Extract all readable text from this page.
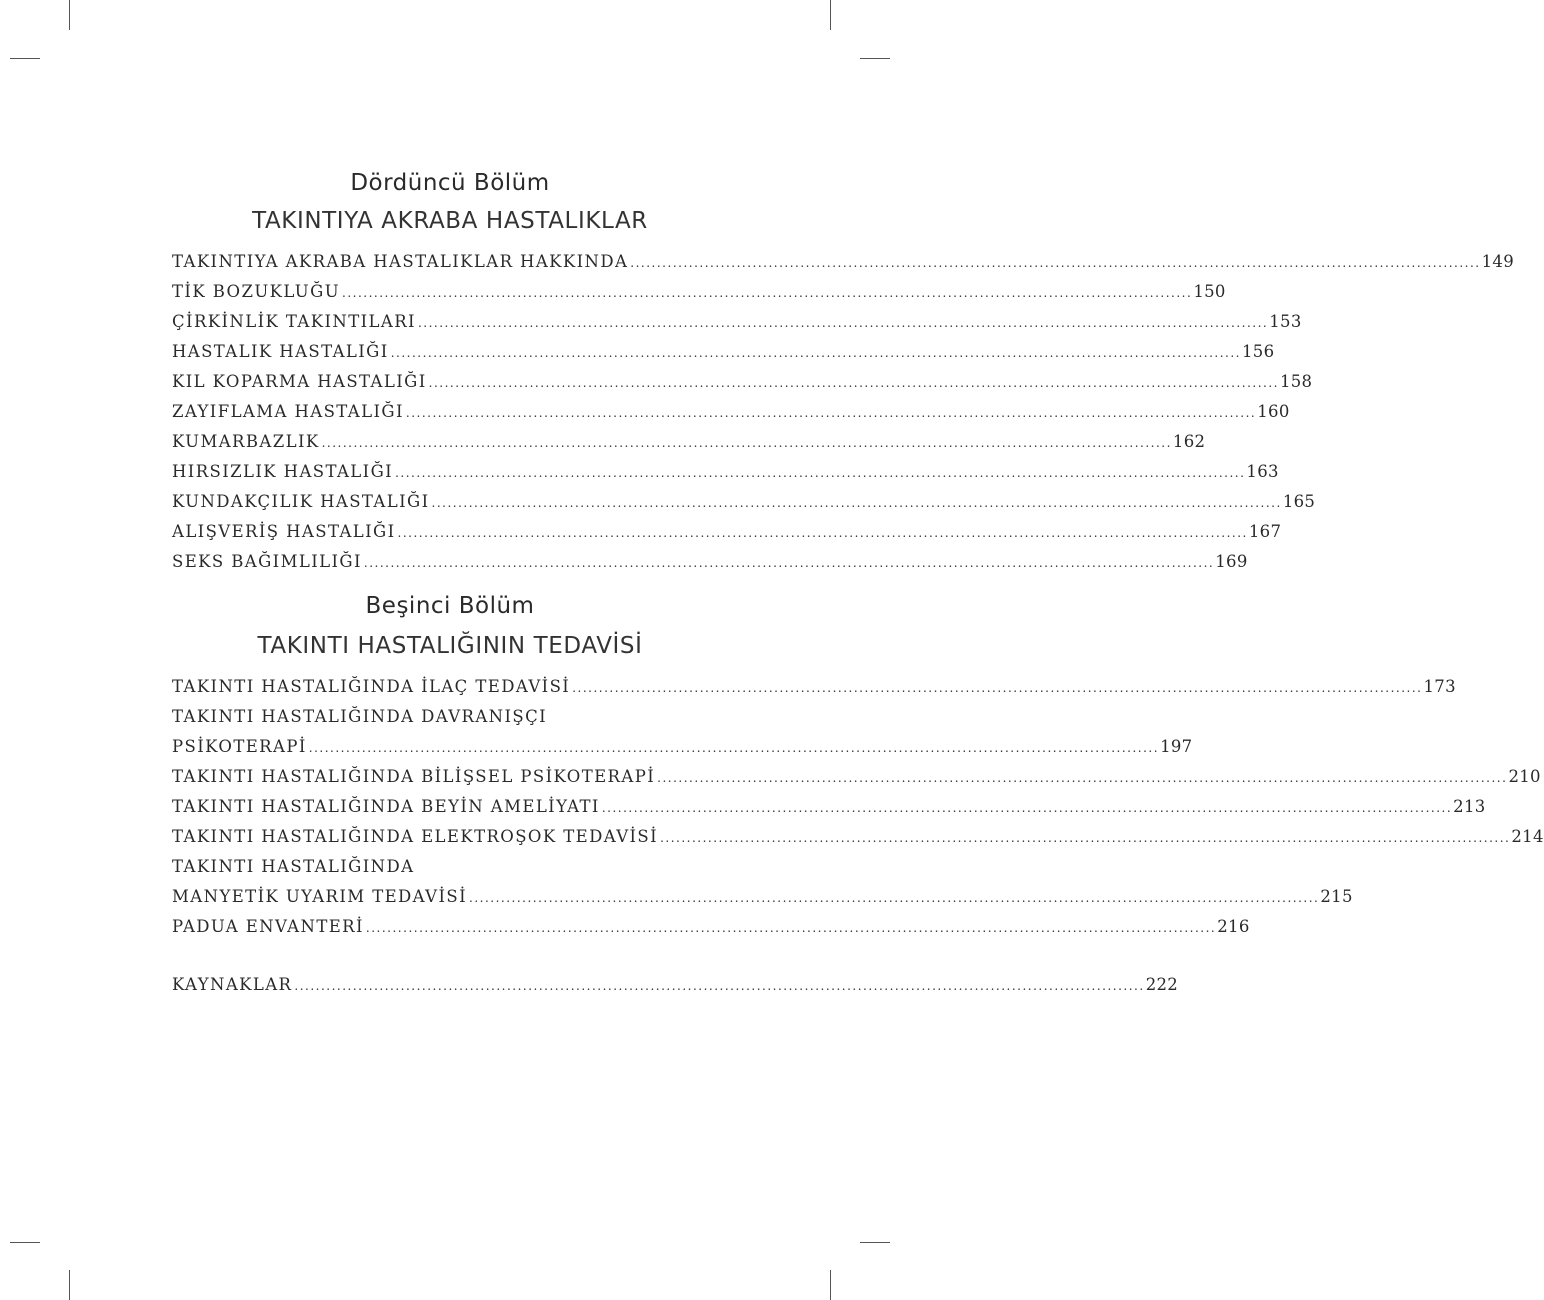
Dördüncü Bölüm
TAKINTIYA AKRABA HASTALIKLAR
TAKINTIYA AKRABA HASTALIKLAR HAKKINDA ................................................................................................................................................................ 149
TİK BOZUKLUĞU ................................................................................................................................................................ 150
ÇİRKİNLİK TAKINTILARI ................................................................................................................................................................ 153
HASTALIK HASTALIĞI ................................................................................................................................................................ 156
KIL KOPARMA HASTALIĞI ................................................................................................................................................................ 158
ZAYIFLAMA HASTALIĞI ................................................................................................................................................................ 160
KUMARBAZLIK ................................................................................................................................................................ 162
HIRSIZLIK HASTALIĞI ................................................................................................................................................................ 163
KUNDAKÇILIK HASTALIĞI ................................................................................................................................................................ 165
ALIŞVERİŞ HASTALIĞI ................................................................................................................................................................ 167
SEKS BAĞIMLILIĞI ................................................................................................................................................................ 169
Beşinci Bölüm
TAKINTI HASTALIĞININ TEDAVİSİ
TAKINTI HASTALIĞINDA İLAÇ TEDAVİSİ ................................................................................................................................................................ 173
TAKINTI HASTALIĞINDA DAVRANIŞÇI
PSİKOTERAPİ ................................................................................................................................................................ 197
TAKINTI HASTALIĞINDA BİLİŞSEL PSİKOTERAPİ ................................................................................................................................................................ 210
TAKINTI HASTALIĞINDA BEYİN AMELİYATI ................................................................................................................................................................ 213
TAKINTI HASTALIĞINDA ELEKTROŞOK TEDAVİSİ ................................................................................................................................................................ 214
TAKINTI HASTALIĞINDA
MANYETİK UYARIM TEDAVİSİ ................................................................................................................................................................ 215
PADUA ENVANTERİ ................................................................................................................................................................ 216
KAYNAKLAR ................................................................................................................................................................ 222
